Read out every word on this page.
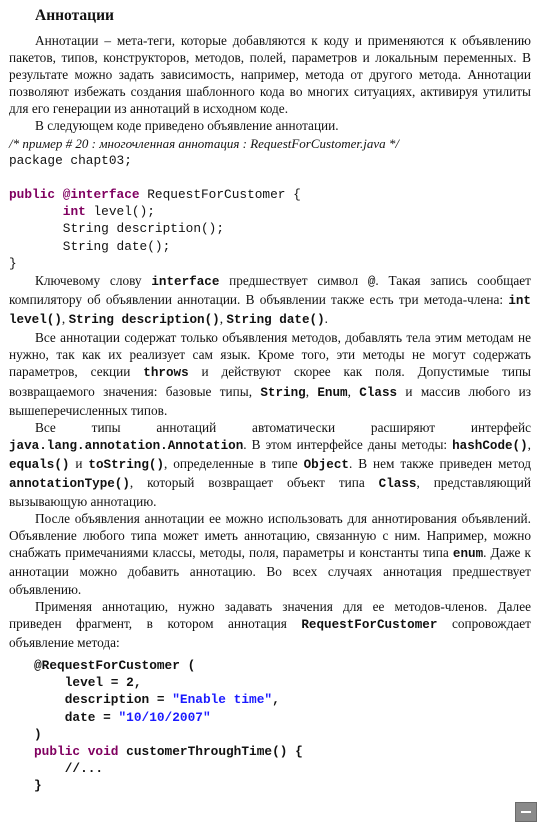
Аннотации

Аннотации – мета-теги, которые добавляются к коду и применяются к объявлению пакетов, типов, конструкторов, методов, полей, параметров и локальным переменных. В результате можно задать зависимость, например, метода от другого метода. Аннотации позволяют избежать создания шаблонного кода во многих ситуациях, активируя утилиты для его генерации из аннотаций в исходном коде.

В следующем коде приведено объявление аннотации.

/* пример # 20 : многочленная аннотация : RequestForCustomer.java */
package chapt03;

public @interface RequestForCustomer {
int level();
String description();
String date();
}

Ключевому слову interface предшествует символ @. Такая запись сообщает компилятору об объявлении аннотации. В объявлении также есть три метода-члена: int level(), String description(), String date().

Все аннотации содержат только объявления методов, добавлять тела этим методам не нужно, так как их реализует сам язык. Кроме того, эти методы не могут содержать параметров, секции throws и действуют скорее как поля. Допустимые типы возвращаемого значения: базовые типы, String, Enum, Class и массив любого из вышеперечисленных типов.

Все типы аннотаций автоматически расширяют интерфейс java.lang.annotation.Annotation. В этом интерфейсе даны методы: hashCode(), equals() и toString(), определенные в типе Object. В нем также приведен метод annotationType(), который возвращает объект типа Class, представляющий вызывающую аннотацию.

После объявления аннотации ее можно использовать для аннотирования объявлений. Объявление любого типа может иметь аннотацию, связанную с ним. Например, можно снабжать примечаниями классы, методы, поля, параметры и константы типа enum. Даже к аннотации можно добавить аннотацию. Во всех случаях аннотация предшествует объявлению.

Применяя аннотацию, нужно задавать значения для ее методов-членов. Далее приведен фрагмент, в котором аннотация RequestForCustomer сопровождает объявление метода:

@RequestForCustomer (
level = 2,
description = "Enable time",
date = "10/10/2007"
)
public void customerThroughTime() {
//...
}
